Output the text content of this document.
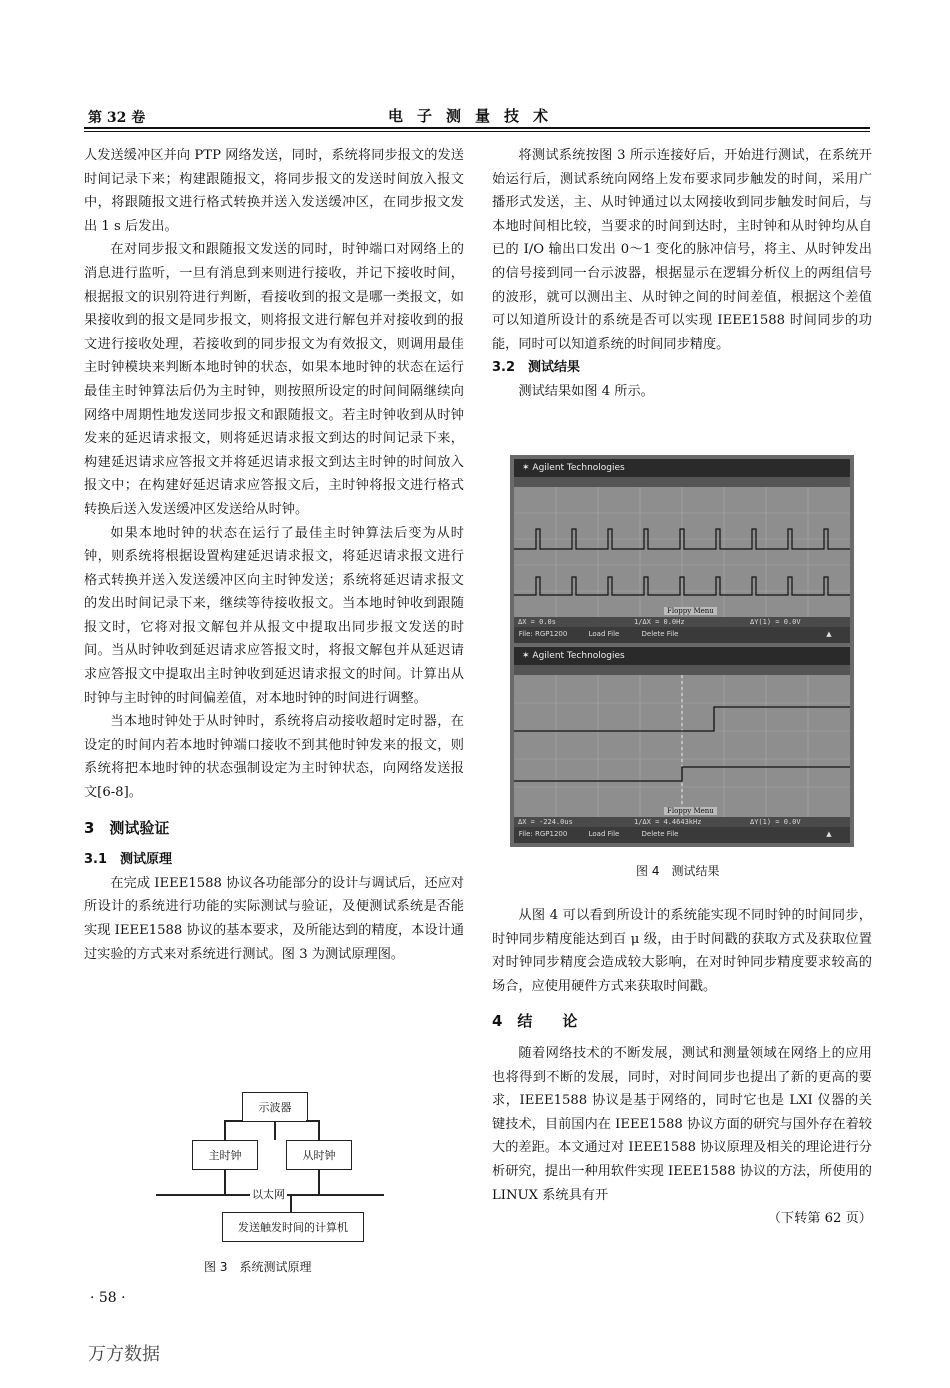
第 32 卷	电子测量技术

人发送缓冲区并向 PTP 网络发送，同时，系统将同步报文的发送时间记录下来；构建跟随报文，将同步报文的发送时间放入报文中，将跟随报文进行格式转换并送入发送缓冲区，在同步报文发出 1 s 后发出。

在对同步报文和跟随报文发送的同时，时钟端口对网络上的消息进行监听，一旦有消息到来则进行接收，并记下接收时间，根据报文的识别符进行判断，看接收到的报文是哪一类报文，如果接收到的报文是同步报文，则将报文进行解包并对接收到的报文进行接收处理，若接收到的同步报文为有效报文，则调用最佳主时钟模块来判断本地时钟的状态，如果本地时钟的状态在运行最佳主时钟算法后仍为主时钟，则按照所设定的时间间隔继续向网络中周期性地发送同步报文和跟随报文。若主时钟收到从时钟发来的延迟请求报文，则将延迟请求报文到达的时间记录下来，构建延迟请求应答报文并将延迟请求报文到达主时钟的时间放入报文中；在构建好延迟请求应答报文后，主时钟将报文进行格式转换后送入发送缓冲区发送给从时钟。

如果本地时钟的状态在运行了最佳主时钟算法后变为从时钟，则系统将根据设置构建延迟请求报文，将延迟请求报文进行格式转换并送入发送缓冲区向主时钟发送；系统将延迟请求报文的发出时间记录下来，继续等待接收报文。当本地时钟收到跟随报文时，它将对报文解包并从报文中提取出同步报文发送的时间。当从时钟收到延迟请求应答报文时，将报文解包并从延迟请求应答报文中提取出主时钟收到延迟请求报文的时间。计算出从时钟与主时钟的时间偏差值，对本地时钟的时间进行调整。

当本地时钟处于从时钟时，系统将启动接收超时定时器，在设定的时间内若本地时钟端口接收不到其他时钟发来的报文，则系统将把本地时钟的状态强制设定为主时钟状态，向网络发送报文[6-8]。

3　测试验证
3.1　测试原理

在完成 IEEE1588 协议各功能部分的设计与调试后，还应对所设计的系统进行功能的实际测试与验证，及便测试系统是否能实现 IEEE1588 协议的基本要求，及所能达到的精度，本设计通过实验的方式来对系统进行测试。图 3 为测试原理图。

将测试系统按图 3 所示连接好后，开始进行测试，在系统开始运行后，测试系统向网络上发布要求同步触发的时间，采用广播形式发送，主、从时钟通过以太网接收到同步触发时间后，与本地时间相比较，当要求的时间到达时，主时钟和从时钟均从自已的 I/O 输出口发出 0～1 变化的脉冲信号，将主、从时钟发出的信号接到同一台示波器，根据显示在逻辑分析仪上的两组信号的波形，就可以测出主、从时钟之间的时间差值，根据这个差值可以知道所设计的系统是否可以实现 IEEE1588 时间同步的功能，同时可以知道系统的时间同步精度。

3.2　测试结果

测试结果如图 4 所示。

示波器
主时钟	从时钟
发送触发时间的计算机
以太网
图 3　系统测试原理
✶ Agilent Technologies
Floppy Menu
ΔX = 0.0s	1/ΔX = 0.0Hz	ΔY(1) = 0.0V
File: RGP1200	Load File	Delete File	▲
✶ Agilent Technologies
Floppy Menu
ΔX = -224.0us	1/ΔX = 4.4643kHz	ΔY(1) = 0.0V
File: RGP1200	Load File	Delete File	▲
图 4　测试结果

从图 4 可以看到所设计的系统能实现不同时钟的时间同步，时钟同步精度能达到百 μ 级，由于时间戳的获取方式及获取位置对时钟同步精度会造成较大影响，在对时钟同步精度要求较高的场合，应使用硬件方式来获取时间戳。

4　结　　论

随着网络技术的不断发展，测试和测量领域在网络上的应用也将得到不断的发展，同时，对时间同步也提出了新的更高的要求，IEEE1588 协议是基于网络的，同时它也是 LXI 仪器的关键技术，目前国内在 IEEE1588 协议方面的研究与国外存在着较大的差距。本文通过对 IEEE1588 协议原理及相关的理论进行分析研究，提出一种用软件实现 IEEE1588 协议的方法，所使用的 LINUX 系统具有开

（下转第 62 页）
· 58 ·
万方数据
